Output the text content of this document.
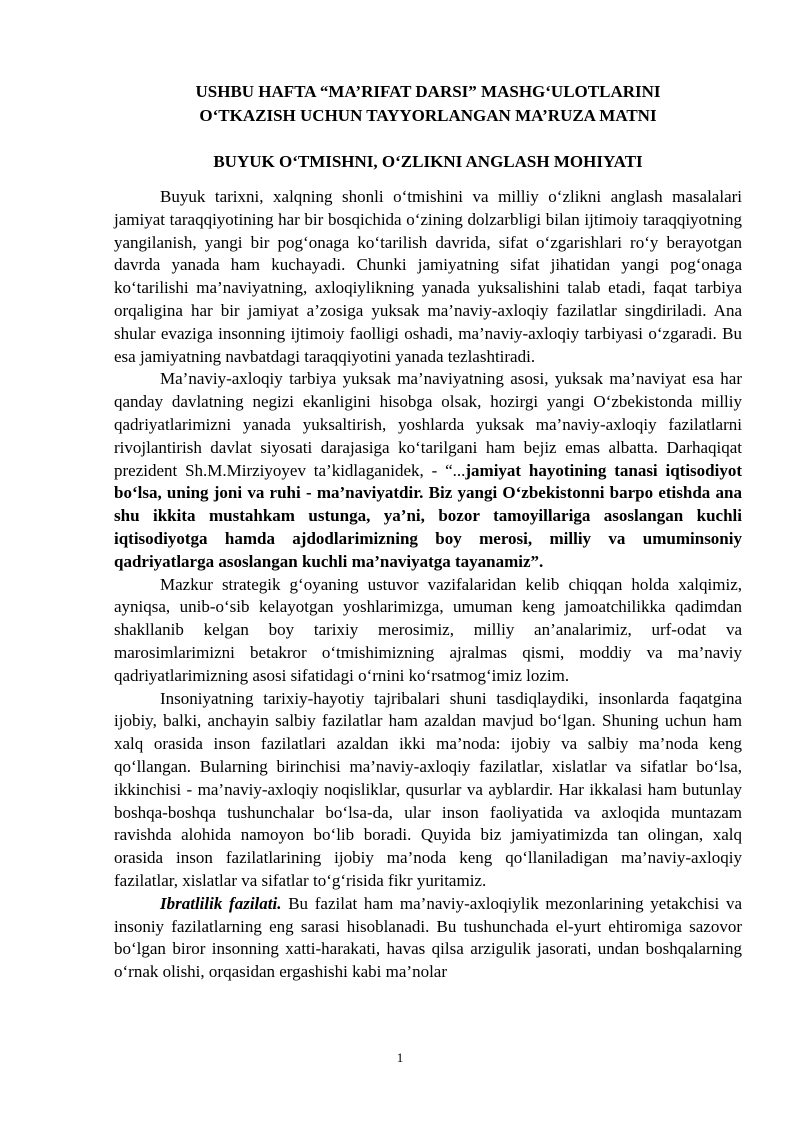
USHBU HAFTA “MA’RIFAT DARSI” MASHG‘ULOTLARINI
O‘TKAZISH UCHUN TAYYORLANGAN MA’RUZA MATNI

BUYUK O‘TMISHNI, O‘ZLIKNI ANGLASH MOHIYATI

Buyuk tarixni, xalqning shonli o‘tmishini va milliy o‘zlikni anglash masalalari jamiyat taraqqiyotining har bir bosqichida o‘zining dolzarbligi bilan ijtimoiy taraqqiyotning yangilanish, yangi bir pog‘onaga ko‘tarilish davrida, sifat o‘zgarishlari ro‘y berayotgan davrda yanada ham kuchayadi. Chunki jamiyatning sifat jihatidan yangi pog‘onaga ko‘tarilishi ma’naviyatning, axloqiylikning yanada yuksalishini talab etadi, faqat tarbiya orqaligina har bir jamiyat a’zosiga yuksak ma’naviy-axloqiy fazilatlar singdiriladi. Ana shular evaziga insonning ijtimoiy faolligi oshadi, ma’naviy-axloqiy tarbiyasi o‘zgaradi. Bu esa jamiyatning navbatdagi taraqqiyotini yanada tezlashtiradi.

Ma’naviy-axloqiy tarbiya yuksak ma’naviyatning asosi, yuksak ma’naviyat esa har qanday davlatning negizi ekanligini hisobga olsak, hozirgi yangi O‘zbekistonda milliy qadriyatlarimizni yanada yuksaltirish, yoshlarda yuksak ma’naviy-axloqiy fazilatlarni rivojlantirish davlat siyosati darajasiga ko‘tarilgani ham bejiz emas albatta. Darhaqiqat prezident Sh.M.Mirziyoyev ta’kidlaganidek, - “...jamiyat hayotining tanasi iqtisodiyot bo‘lsa, uning joni va ruhi - ma’naviyatdir. Biz yangi O‘zbekistonni barpo etishda ana shu ikkita mustahkam ustunga, ya’ni, bozor tamoyillariga asoslangan kuchli iqtisodiyotga hamda ajdodlarimizning boy merosi, milliy va umuminsoniy qadriyatlarga asoslangan kuchli ma’naviyatga tayanamiz”.

Mazkur strategik g‘oyaning ustuvor vazifalaridan kelib chiqqan holda xalqimiz, ayniqsa, unib-o‘sib kelayotgan yoshlarimizga, umuman keng jamoatchilikka qadimdan shakllanib kelgan boy tarixiy merosimiz, milliy an’analarimiz, urf-odat va marosimlarimizni betakror o‘tmishimizning ajralmas qismi, moddiy va ma’naviy qadriyatlarimizning asosi sifatidagi o‘rnini ko‘rsatmog‘imiz lozim.

Insoniyatning tarixiy-hayotiy tajribalari shuni tasdiqlaydiki, insonlarda faqatgina ijobiy, balki, anchayin salbiy fazilatlar ham azaldan mavjud bo‘lgan. Shuning uchun ham xalq orasida inson fazilatlari azaldan ikki ma’noda: ijobiy va salbiy ma’noda keng qo‘llangan. Bularning birinchisi ma’naviy-axloqiy fazilatlar, xislatlar va sifatlar bo‘lsa, ikkinchisi - ma’naviy-axloqiy noqisliklar, qusurlar va ayblardir. Har ikkalasi ham butunlay boshqa-boshqa tushunchalar bo‘lsa-da, ular inson faoliyatida va axloqida muntazam ravishda alohida namoyon bo‘lib boradi. Quyida biz jamiyatimizda tan olingan, xalq orasida inson fazilatlarining ijobiy ma’noda keng qo‘llaniladigan ma’naviy-axloqiy fazilatlar, xislatlar va sifatlar to‘g‘risida fikr yuritamiz.

Ibratlilik fazilati. Bu fazilat ham ma’naviy-axloqiylik mezonlarining yetakchisi va insoniy fazilatlarning eng sarasi hisoblanadi. Bu tushunchada el-yurt ehtiromiga sazovor bo‘lgan biror insonning xatti-harakati, havas qilsa arzigulik jasorati, undan boshqalarning o‘rnak olishi, orqasidan ergashishi kabi ma’nolar

1
